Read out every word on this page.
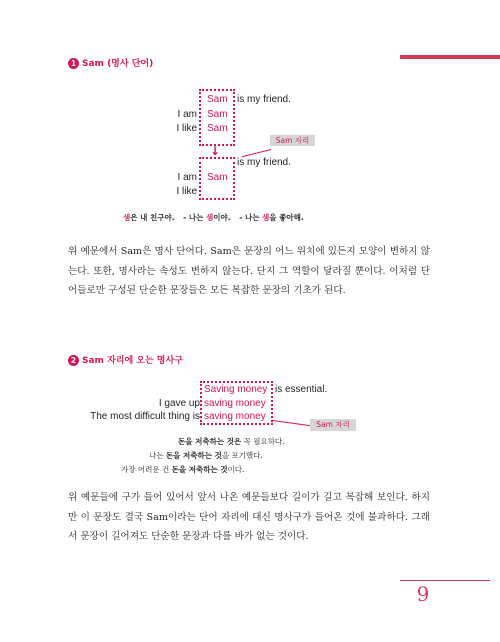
1 Sam (명사 단어)
Sam is my friend.
I am Sam
I like Sam
Sam 자리
↓
is my friend.
I am Sam
I like
샘은 내 친구야. - 나는 샘이야. - 나는 샘을 좋아해.
위 예문에서 Sam은 명사 단어다. Sam은 문장의 어느 위치에 있든지 모양이 변하지 않는다. 또한, 명사라는 속성도 변하지 않는다. 단지 그 역할이 달라질 뿐이다. 이처럼 단어들로만 구성된 단순한 문장들은 모든 복잡한 문장의 기초가 된다.
2 Sam 자리에 오는 명사구
Saving money is essential.
I gave up saving money
The most difficult thing is saving money
Sam 자리
돈을 저축하는 것은 꼭 필요하다.
나는 돈을 저축하는 것을 포기했다.
가장 어려운 건 돈을 저축하는 것이다.
위 예문들에 구가 들어 있어서 앞서 나온 예문들보다 길이가 길고 복잡해 보인다. 하지만 이 문장도 결국 Sam이라는 단어 자리에 대신 명사구가 들어온 것에 불과하다. 그래서 문장이 길어져도 단순한 문장과 다를 바가 없는 것이다.
9
